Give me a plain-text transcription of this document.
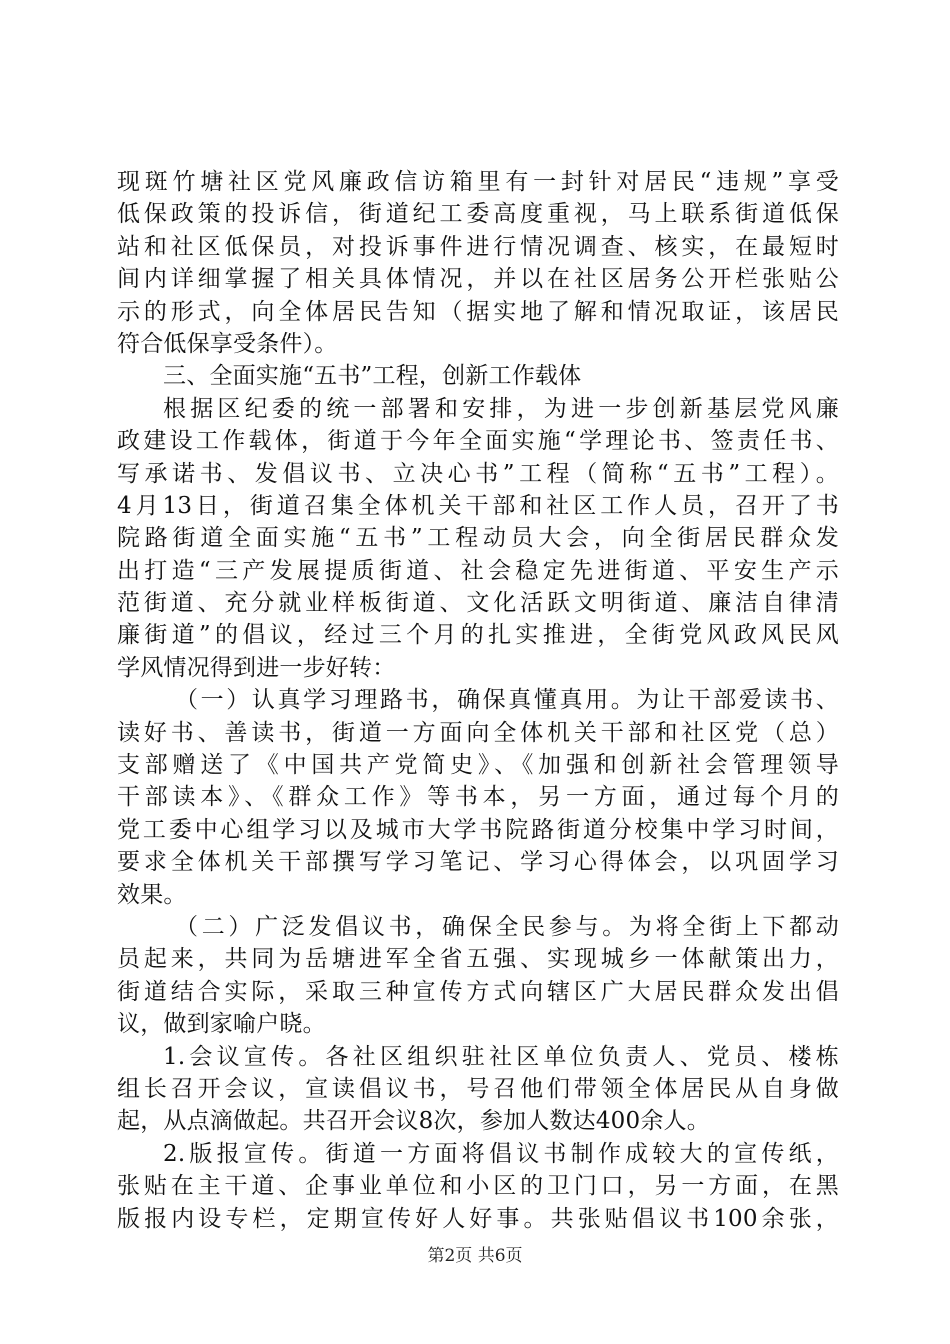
现斑竹塘社区党风廉政信访箱里有一封针对居民“违规”享受
低保政策的投诉信，街道纪工委高度重视，马上联系街道低保
站和社区低保员，对投诉事件进行情况调查、核实，在最短时
间内详细掌握了相关具体情况，并以在社区居务公开栏张贴公
示的形式，向全体居民告知（据实地了解和情况取证，该居民
符合低保享受条件）。
三、全面实施“五书”工程，创新工作载体
根据区纪委的统一部署和安排，为进一步创新基层党风廉
政建设工作载体，街道于今年全面实施“学理论书、签责任书、
写承诺书、发倡议书、立决心书”工程（简称“五书”工程）。
4月13日，街道召集全体机关干部和社区工作人员，召开了书
院路街道全面实施“五书”工程动员大会，向全街居民群众发
出打造“三产发展提质街道、社会稳定先进街道、平安生产示
范街道、充分就业样板街道、文化活跃文明街道、廉洁自律清
廉街道”的倡议，经过三个月的扎实推进，全街党风政风民风
学风情况得到进一步好转：
（一）认真学习理路书，确保真懂真用。为让干部爱读书、
读好书、善读书，街道一方面向全体机关干部和社区党（总）
支部赠送了《中国共产党简史》、《加强和创新社会管理领导
干部读本》、《群众工作》等书本，另一方面，通过每个月的
党工委中心组学习以及城市大学书院路街道分校集中学习时间，
要求全体机关干部撰写学习笔记、学习心得体会，以巩固学习
效果。
（二）广泛发倡议书，确保全民参与。为将全街上下都动
员起来，共同为岳塘进军全省五强、实现城乡一体献策出力，
街道结合实际，采取三种宣传方式向辖区广大居民群众发出倡
议，做到家喻户晓。
1.会议宣传。各社区组织驻社区单位负责人、党员、楼栋
组长召开会议，宣读倡议书，号召他们带领全体居民从自身做
起，从点滴做起。共召开会议8次，参加人数达400余人。
2.版报宣传。街道一方面将倡议书制作成较大的宣传纸，
张贴在主干道、企事业单位和小区的卫门口，另一方面，在黑
版报内设专栏，定期宣传好人好事。共张贴倡议书100余张，
第2页 共6页
